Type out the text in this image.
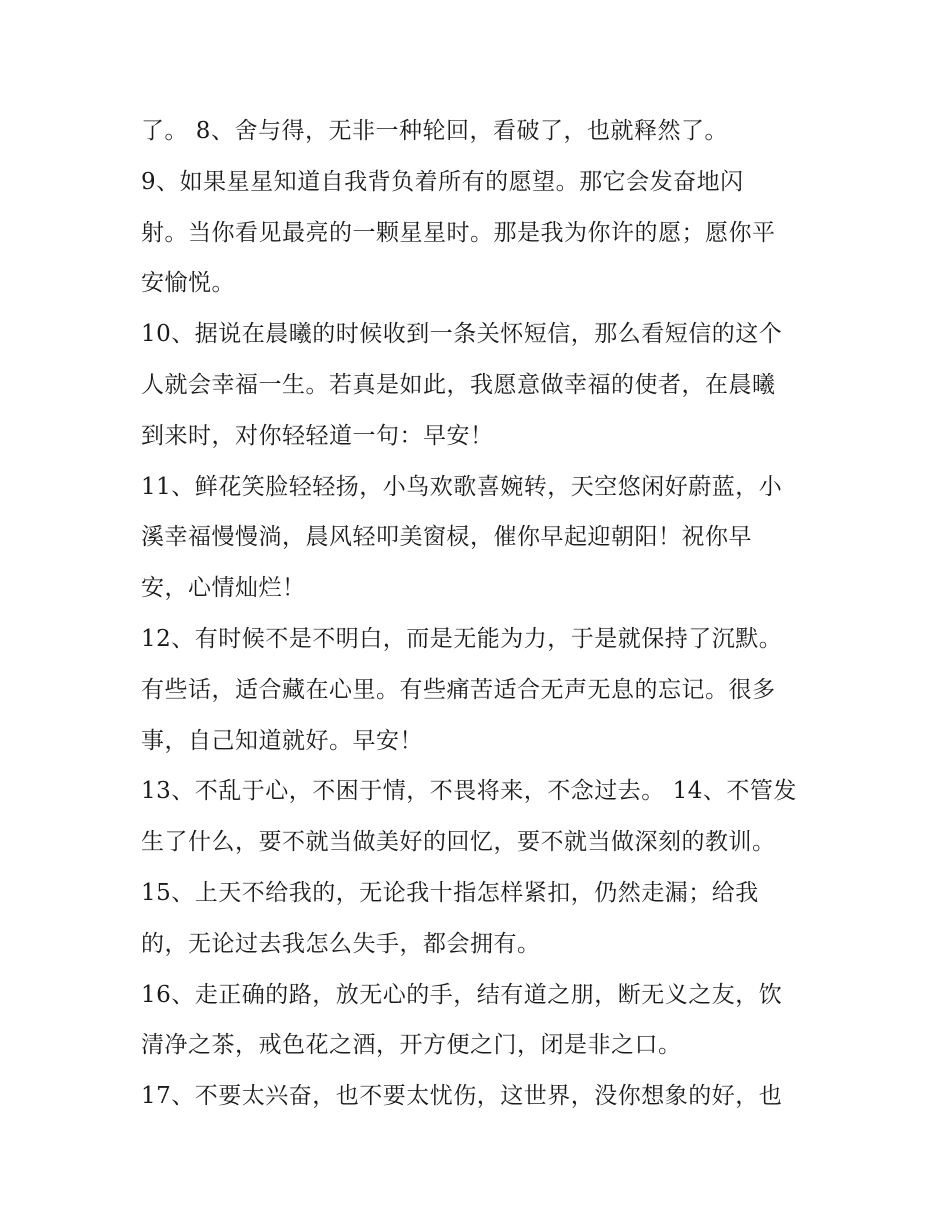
了。 8、舍与得，无非一种轮回，看破了，也就释然了。
9、如果星星知道自我背负着所有的愿望。那它会发奋地闪
射。当你看见最亮的一颗星星时。那是我为你许的愿；愿你平
安愉悦。
10、据说在晨曦的时候收到一条关怀短信，那么看短信的这个
人就会幸福一生。若真是如此，我愿意做幸福的使者，在晨曦
到来时，对你轻轻道一句：早安！
11、鲜花笑脸轻轻扬，小鸟欢歌喜婉转，天空悠闲好蔚蓝，小
溪幸福慢慢淌，晨风轻叩美窗棂，催你早起迎朝阳！祝你早
安，心情灿烂！
12、有时候不是不明白，而是无能为力，于是就保持了沉默。
有些话，适合藏在心里。有些痛苦适合无声无息的忘记。很多
事，自己知道就好。早安！
13、不乱于心，不困于情，不畏将来，不念过去。 14、不管发
生了什么，要不就当做美好的回忆，要不就当做深刻的教训。
15、上天不给我的，无论我十指怎样紧扣，仍然走漏；给我
的，无论过去我怎么失手，都会拥有。
16、走正确的路，放无心的手，结有道之朋，断无义之友，饮
清净之茶，戒色花之酒，开方便之门，闭是非之口。
17、不要太兴奋，也不要太忧伤，这世界，没你想象的好，也
